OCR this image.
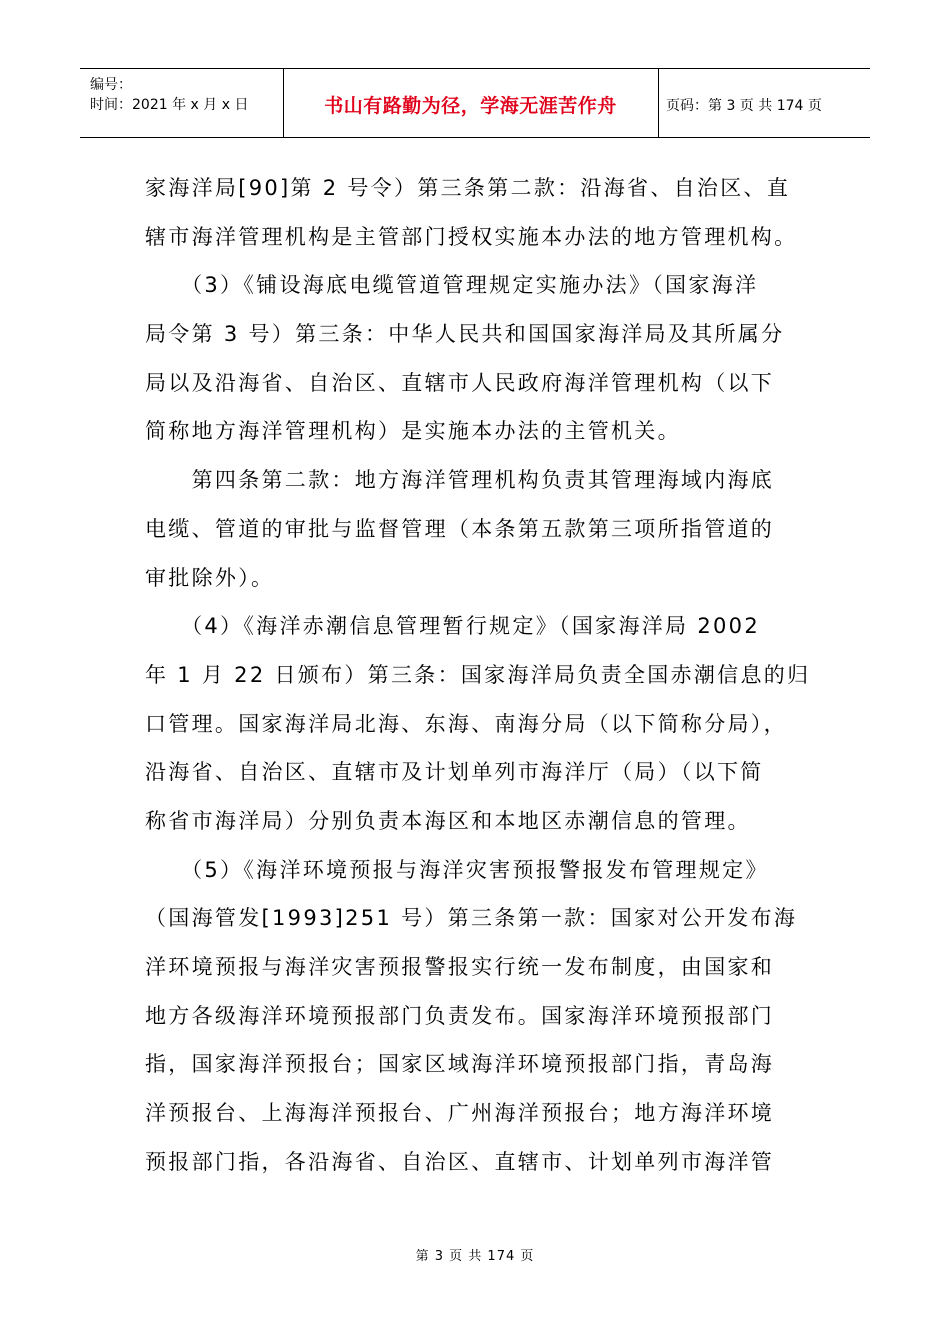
编号：
时间：2021 年 x 月 x 日	书山有路勤为径，学海无涯苦作舟	页码：第 3 页 共 174 页
家海洋局[90]第 2 号令）第三条第二款：沿海省、自治区、直
辖市海洋管理机构是主管部门授权实施本办法的地方管理机构。
　　（3）《铺设海底电缆管道管理规定实施办法》（国家海洋
局令第 3 号）第三条：中华人民共和国国家海洋局及其所属分
局以及沿海省、自治区、直辖市人民政府海洋管理机构（以下
简称地方海洋管理机构）是实施本办法的主管机关。
　　第四条第二款：地方海洋管理机构负责其管理海域内海底
电缆、管道的审批与监督管理（本条第五款第三项所指管道的
审批除外）。
　　（4）《海洋赤潮信息管理暂行规定》（国家海洋局 2002
年 1 月 22 日颁布）第三条：国家海洋局负责全国赤潮信息的归
口管理。国家海洋局北海、东海、南海分局（以下简称分局），
沿海省、自治区、直辖市及计划单列市海洋厅（局）（以下简
称省市海洋局）分别负责本海区和本地区赤潮信息的管理。
　　（5）《海洋环境预报与海洋灾害预报警报发布管理规定》
（国海管发[1993]251 号）第三条第一款：国家对公开发布海
洋环境预报与海洋灾害预报警报实行统一发布制度，由国家和
地方各级海洋环境预报部门负责发布。国家海洋环境预报部门
指，国家海洋预报台；国家区域海洋环境预报部门指，青岛海
洋预报台、上海海洋预报台、广州海洋预报台；地方海洋环境
预报部门指，各沿海省、自治区、直辖市、计划单列市海洋管
第 3 页 共 174 页
